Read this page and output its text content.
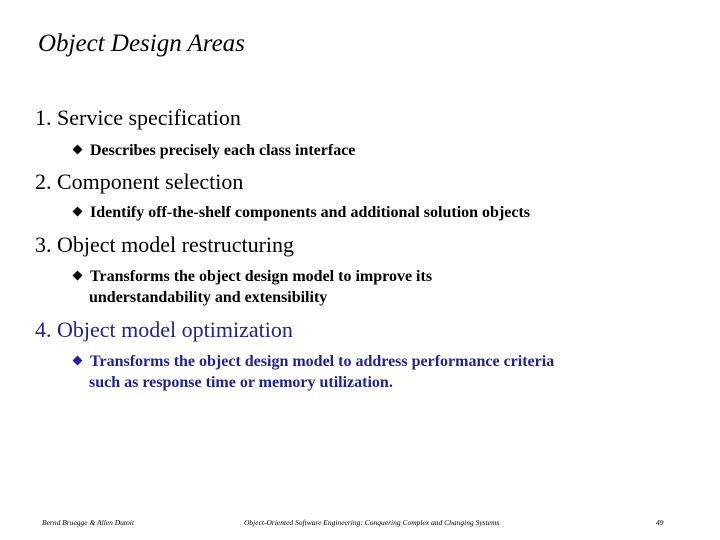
Object Design Areas
1. Service specification
Describes precisely each class interface
2. Component selection
Identify off-the-shelf components and additional solution objects
3. Object model restructuring
Transforms the object design model to improve its
understandability and extensibility
4. Object model optimization
Transforms the object design model to address performance criteria
such as response time or memory utilization.
Bernd Bruegge & Allen Dutoit	Object-Oriented Software Engineering: Conquering Complex and Changing Systems	49
